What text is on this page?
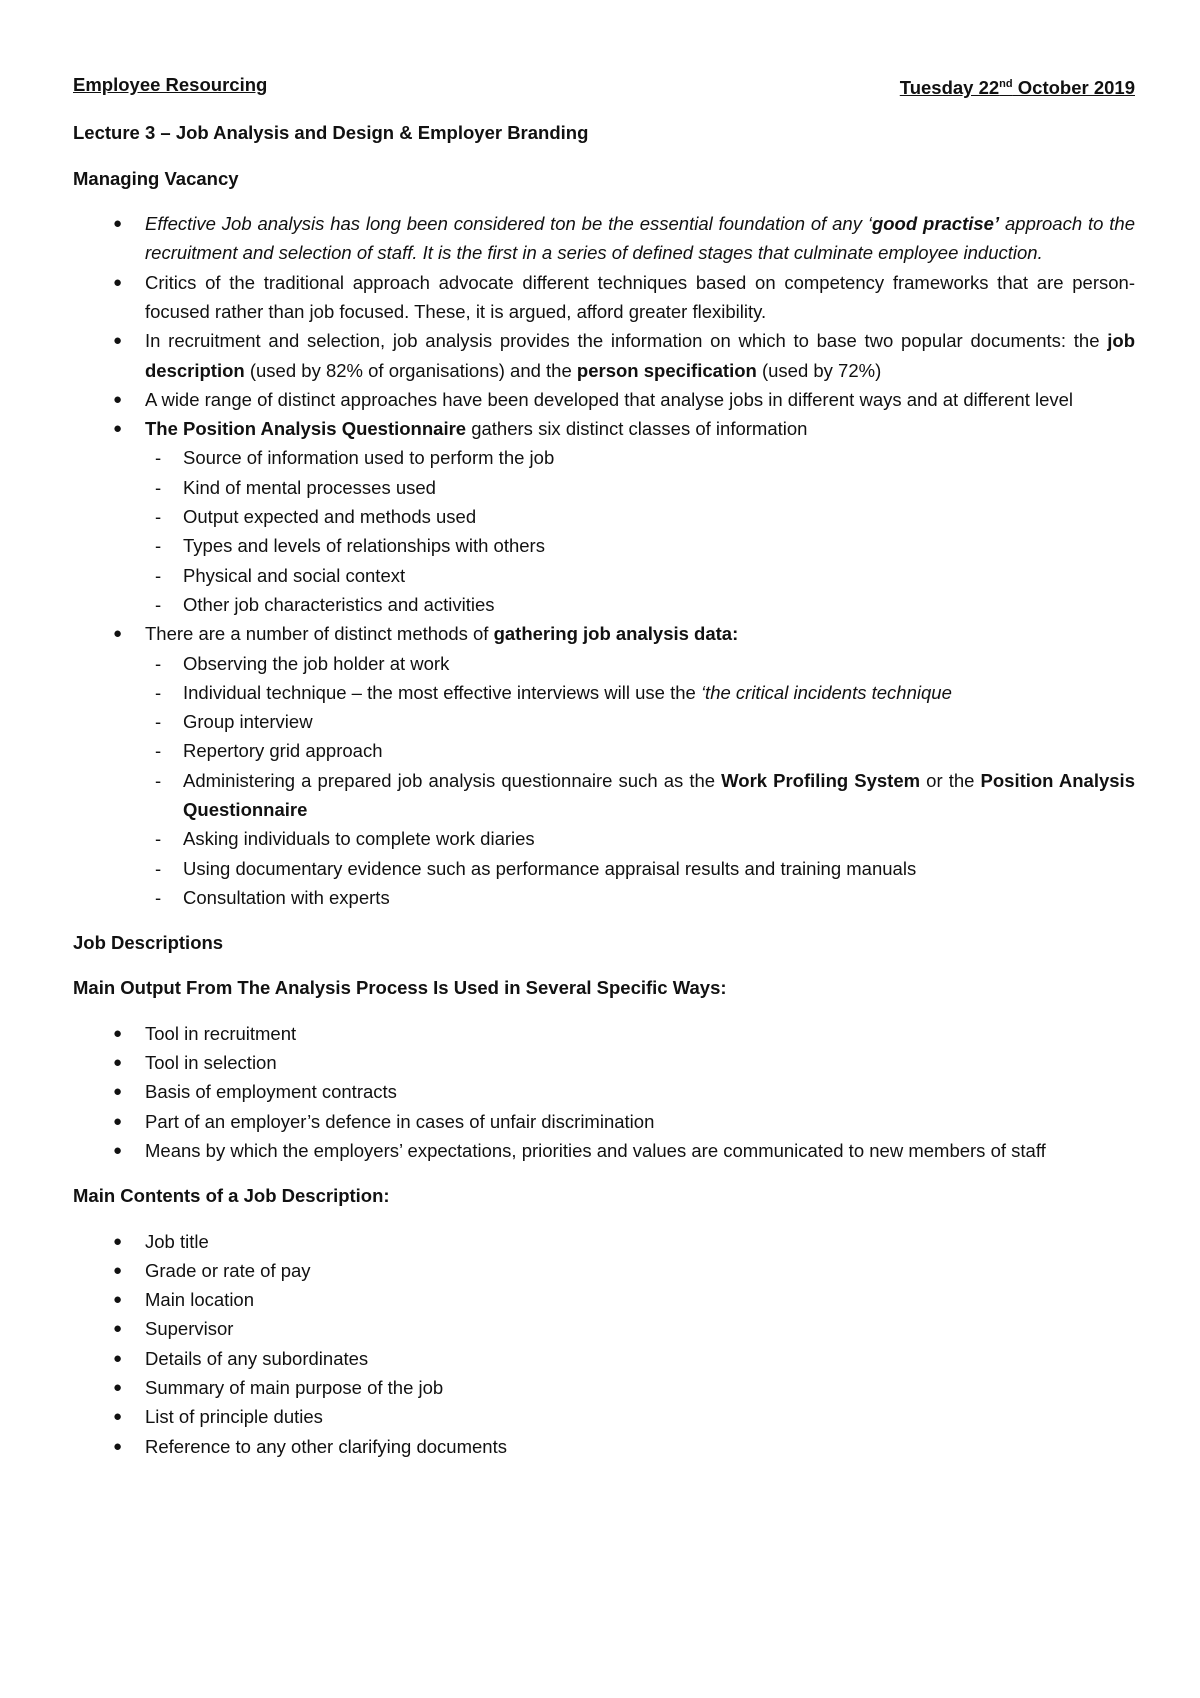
Employee Resourcing	Tuesday 22nd October 2019

Lecture 3 – Job Analysis and Design & Employer Branding

Managing Vacancy

● Effective Job analysis has long been considered ton be the essential foundation of any ‘good practise’ approach to the recruitment and selection of staff. It is the first in a series of defined stages that culminate employee induction.
● Critics of the traditional approach advocate different techniques based on competency frameworks that are person-focused rather than job focused. These, it is argued, afford greater flexibility.
● In recruitment and selection, job analysis provides the information on which to base two popular documents: the job description (used by 82% of organisations) and the person specification (used by 72%)
● A wide range of distinct approaches have been developed that analyse jobs in different ways and at different level
● The Position Analysis Questionnaire gathers six distinct classes of information
- Source of information used to perform the job
- Kind of mental processes used
- Output expected and methods used
- Types and levels of relationships with others
- Physical and social context
- Other job characteristics and activities
● There are a number of distinct methods of gathering job analysis data:
- Observing the job holder at work
- Individual technique – the most effective interviews will use the ‘the critical incidents technique
- Group interview
- Repertory grid approach
- Administering a prepared job analysis questionnaire such as the Work Profiling System or the Position Analysis Questionnaire
- Asking individuals to complete work diaries
- Using documentary evidence such as performance appraisal results and training manuals
- Consultation with experts

Job Descriptions

Main Output From The Analysis Process Is Used in Several Specific Ways:

● Tool in recruitment
● Tool in selection
● Basis of employment contracts
● Part of an employer’s defence in cases of unfair discrimination
● Means by which the employers’ expectations, priorities and values are communicated to new members of staff

Main Contents of a Job Description:

● Job title
● Grade or rate of pay
● Main location
● Supervisor
● Details of any subordinates
● Summary of main purpose of the job
● List of principle duties
● Reference to any other clarifying documents
